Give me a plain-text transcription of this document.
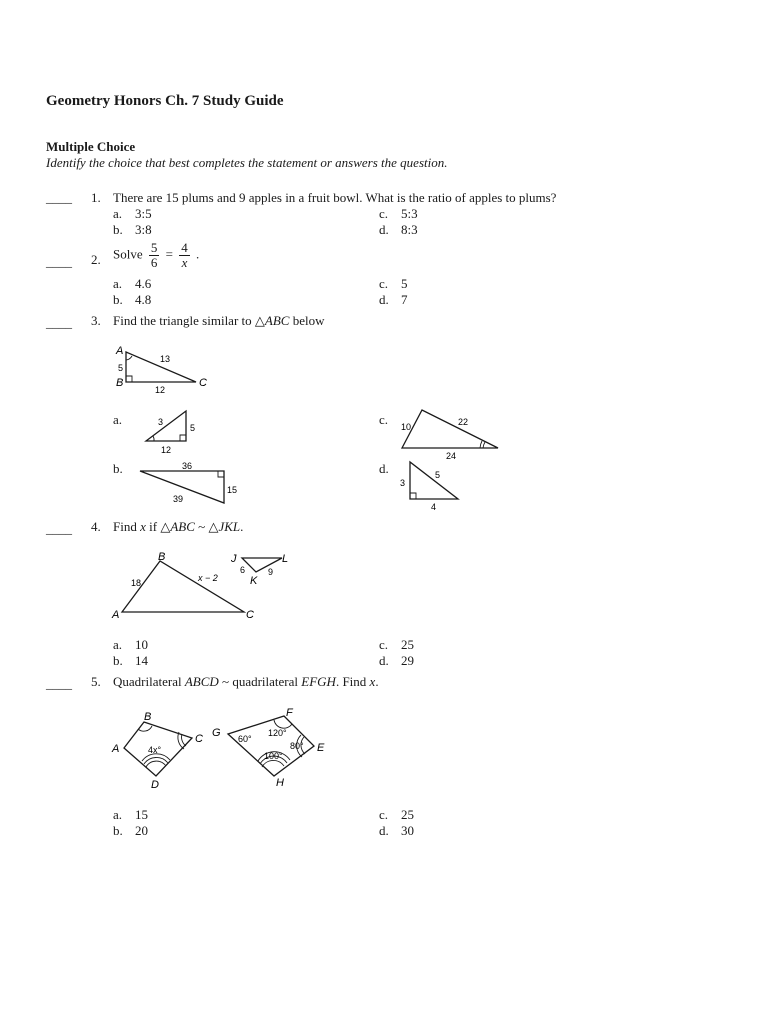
Geometry Honors Ch. 7 Study Guide
Multiple Choice
Identify the choice that best completes the statement or answers the question.
____ 1. There are 15 plums and 9 apples in a fruit bowl. What is the ratio of apples to plums?
a. 3:5
b. 3:8
c. 5:3
d. 8:3
____ 2. Solve $\frac{5}{6} = \frac{4}{x}$ .
a. 4.6
b. 4.8
c. 5
d. 7
____ 3. Find the triangle similar to △ABC below
A
B	C
5
13
12
a.	3
5
12
b.	36
15
39
c. 10	22
24
d.	5
3
4
____ 4. Find x if △ABC ~ △JKL.
A
B
C
18	x − 2
J	L
K
6	9
a. 10
b. 14
c. 25
d. 29
____ 5. Quadrilateral ABCD ~ quadrilateral EFGH. Find x.
A
B
C
D
4x°
G
F
E
H
60°
120°
80°
100°
a. 15
b. 20
c. 25
d. 30
